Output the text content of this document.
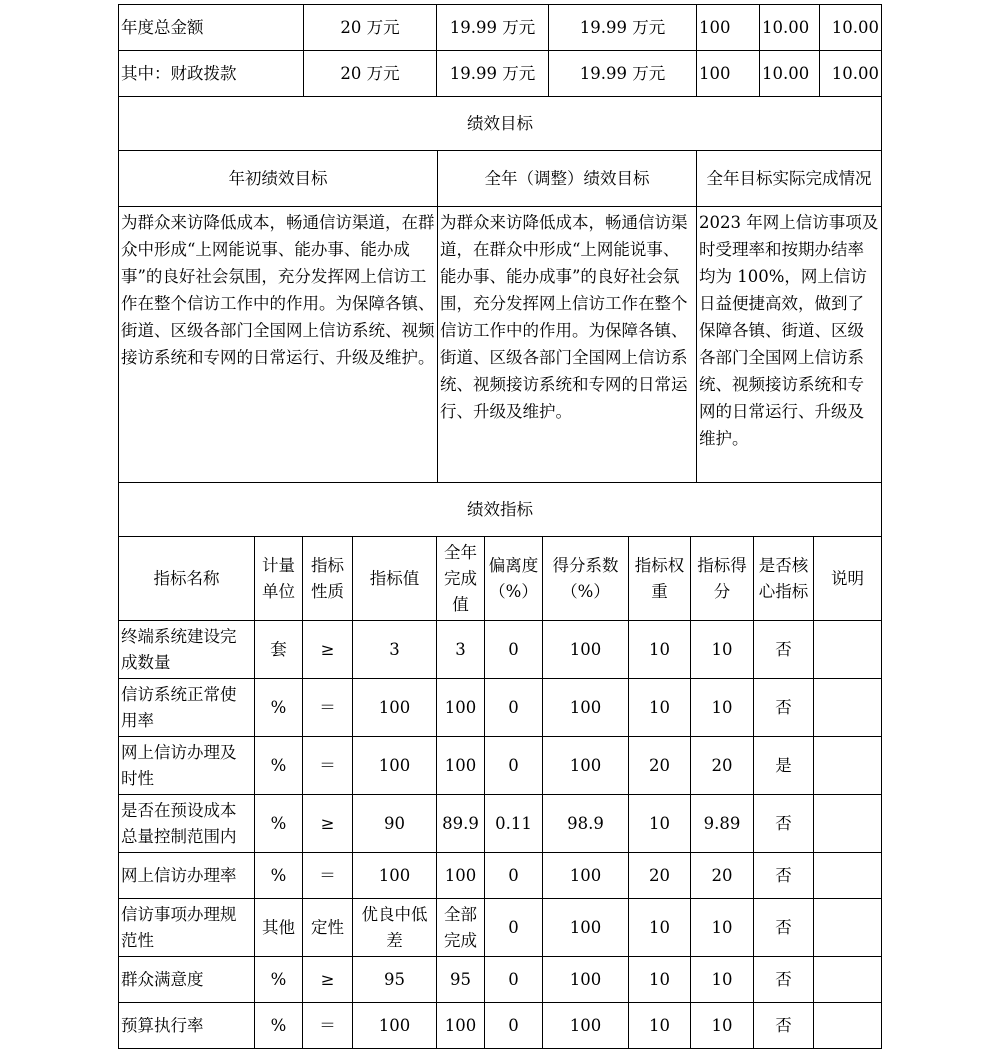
年度总金额	20 万元	19.99 万元	19.99 万元	100	10.00	10.00
其中：财政拨款	20 万元	19.99 万元	19.99 万元	100	10.00	10.00
绩效目标		
年初绩效目标	全年（调整）绩效目标	全年目标实际完成情况
为群众来访降低成本，畅通信访渠道，在群众中形成“上网能说事、能办事、能办成事”的良好社会氛围，充分发挥网上信访工作在整个信访工作中的作用。为保障各镇、街道、区级各部门全国网上信访系统、视频接访系统和专网的日常运行、升级及维护。	为群众来访降低成本，畅通信访渠道，在群众中形成“上网能说事、能办事、能办成事”的良好社会氛围，充分发挥网上信访工作在整个信访工作中的作用。为保障各镇、街道、区级各部门全国网上信访系统、视频接访系统和专网的日常运行、升级及维护。	2023 年网上信访事项及时受理率和按期办结率均为 100%，网上信访日益便捷高效，做到了保障各镇、街道、区级各部门全国网上信访系统、视频接访系统和专网的日常运行、升级及维护。
绩效指标										
指标名称	计量单位	指标性质	指标值	全年完成值	偏离度（%）	得分系数（%）	指标权重	指标得分	是否核心指标	说明
终端系统建设完成数量	套	≥	3	3	0	100	10	10	否	
信访系统正常使用率	%	＝	100	100	0	100	10	10	否	
网上信访办理及时性	%	＝	100	100	0	100	20	20	是	
是否在预设成本总量控制范围内	%	≥	90	89.9	0.11	98.9	10	9.89	否	
网上信访办理率	%	＝	100	100	0	100	20	20	否	
信访事项办理规范性	其他	定性	优良中低差	全部完成	0	100	10	10	否	
群众满意度	%	≥	95	95	0	100	10	10	否	
预算执行率	%	＝	100	100	0	100	10	10	否	
